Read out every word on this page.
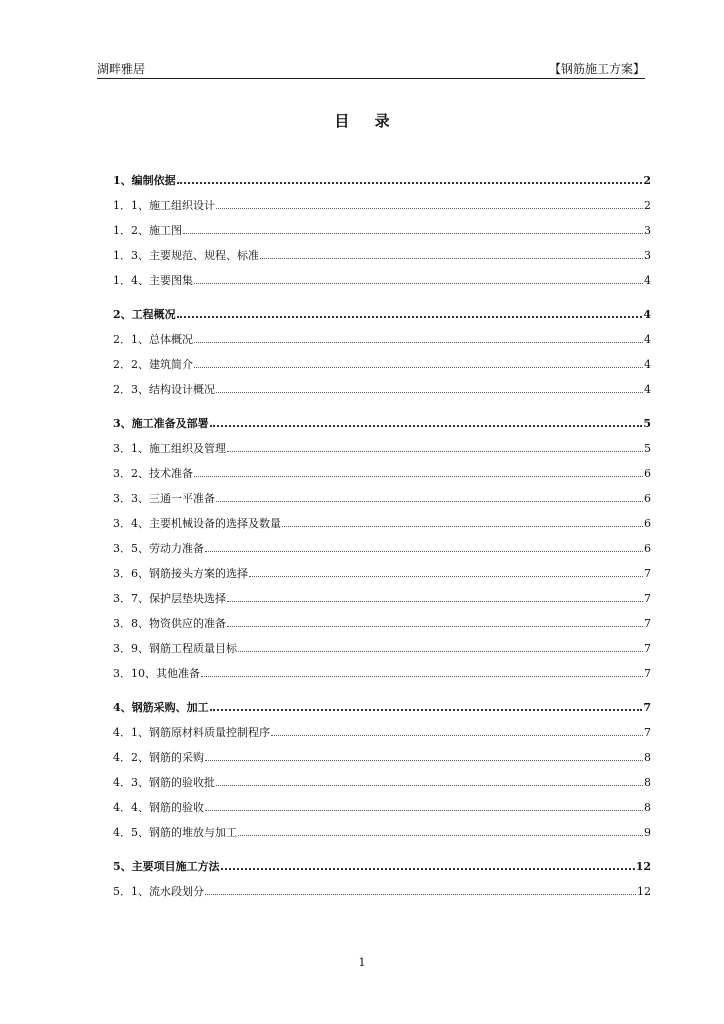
湖畔雅居	【钢筋施工方案】
目 录
1、编制依据	2
1．1、施工组织设计	2
1．2、施工图	3
1．3、主要规范、规程、标准	3
1．4、主要图集	4
2、工程概况	4
2．1、总体概况	4
2．2、建筑简介	4
2．3、结构设计概况	4
3、施工准备及部署	5
3．1、施工组织及管理	5
3．2、技术准备	6
3．3、三通一平准备	6
3．4、主要机械设备的选择及数量	6
3．5、劳动力准备	6
3．6、钢筋接头方案的选择	7
3．7、保护层垫块选择	7
3．8、物资供应的准备	7
3．9、钢筋工程质量目标	7
3．10、其他准备	7
4、钢筋采购、加工	7
4．1、钢筋原材料质量控制程序	7
4．2、钢筋的采购	8
4．3、钢筋的验收批	8
4．4、钢筋的验收	8
4．5、钢筋的堆放与加工	9
5、主要项目施工方法	12
5．1、流水段划分	12
1
